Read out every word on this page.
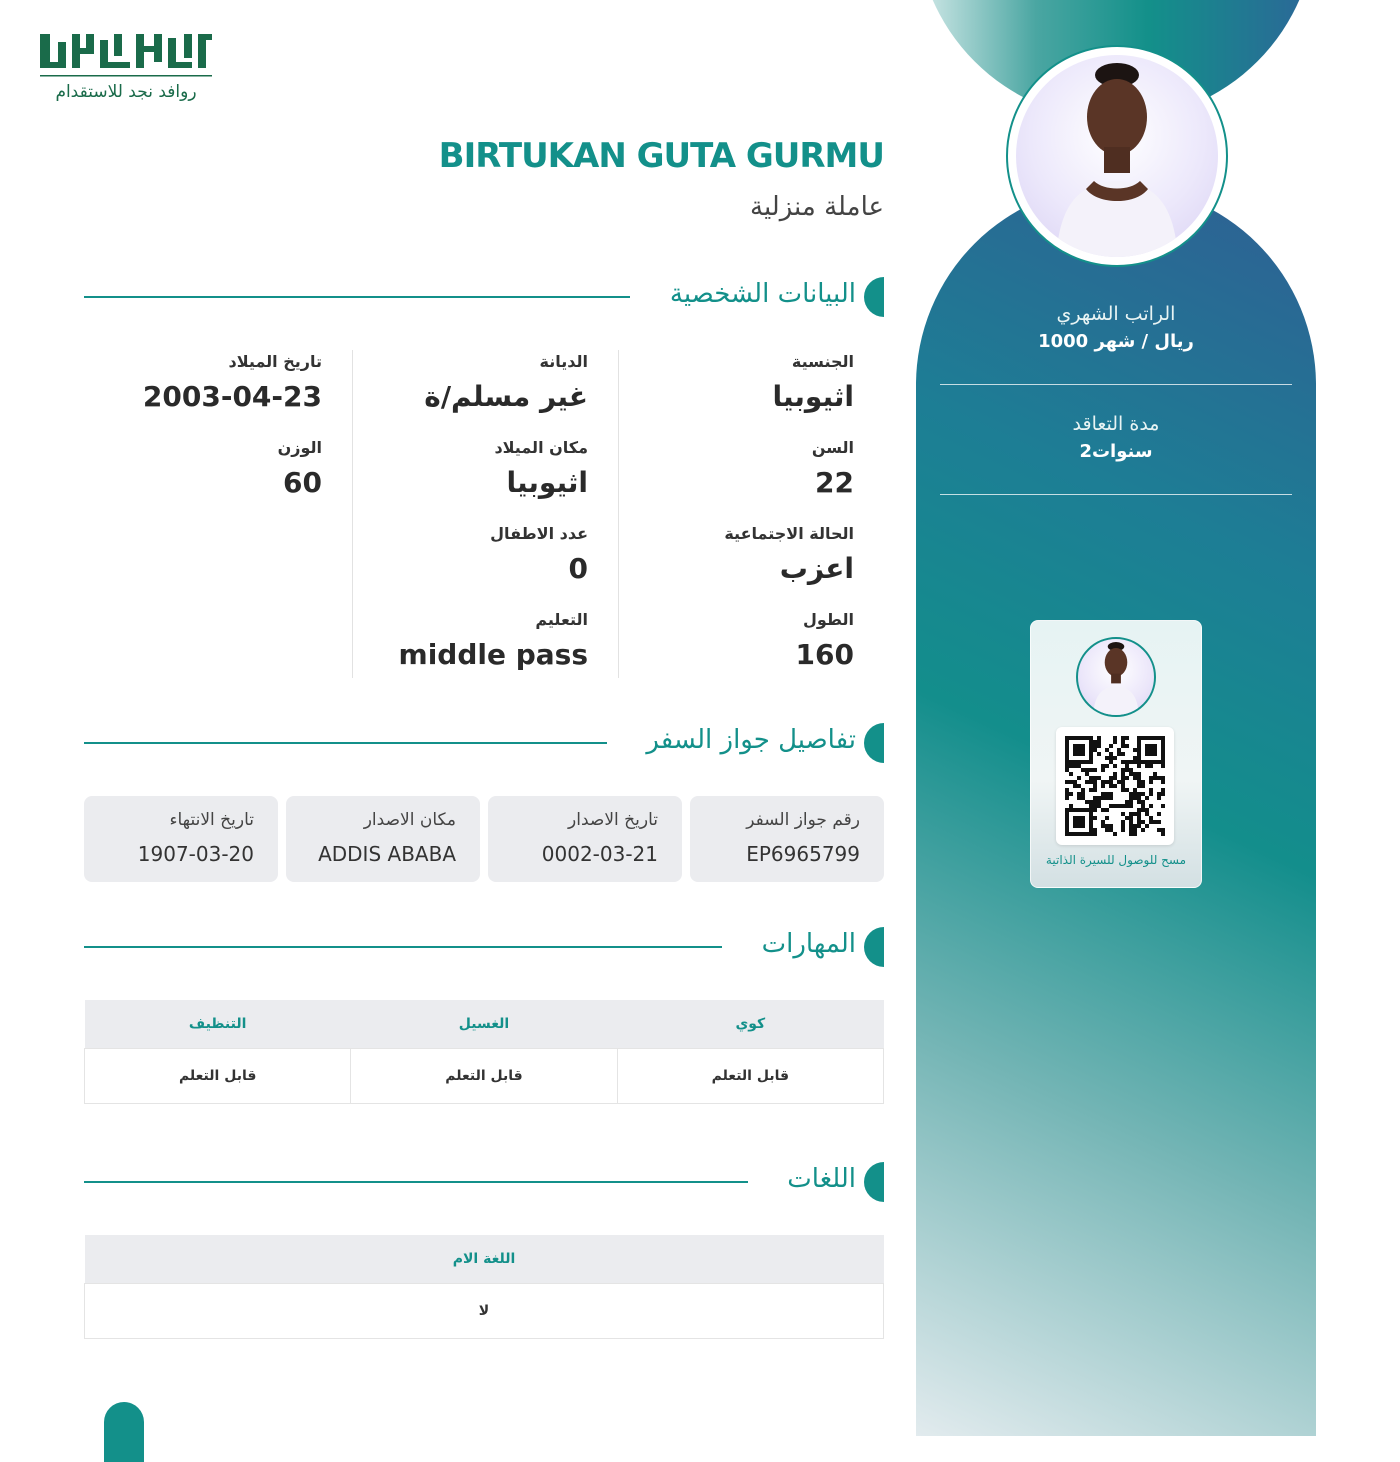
روافد نجد للاستقدام
BIRTUKAN GUTA GURMU
عاملة منزلية
البيانات الشخصية
الجنسية
اثيوبيا
السن
22
الحالة الاجتماعية
اعزب
الطول
160
الديانة
غير مسلم/ة
مكان الميلاد
اثيوبيا
عدد الاطفال
0
التعليم
middle pass
تاريخ الميلاد
2003-04-23
الوزن
60
تفاصيل جواز السفر
رقم جواز السفر
EP6965799
تاريخ الاصدار
0002-03-21
مكان الاصدار
ADDIS ABABA
تاريخ الانتهاء
1907-03-20
المهارات
التنظيف	الغسيل	كوي
قابل التعلم	قابل التعلم	قابل التعلم
اللغات
اللغة الام
لا
الراتب الشهري
1000 ريال / شهر
مدة التعاقد
2سنوات
مسح للوصول للسيرة الذاتية
